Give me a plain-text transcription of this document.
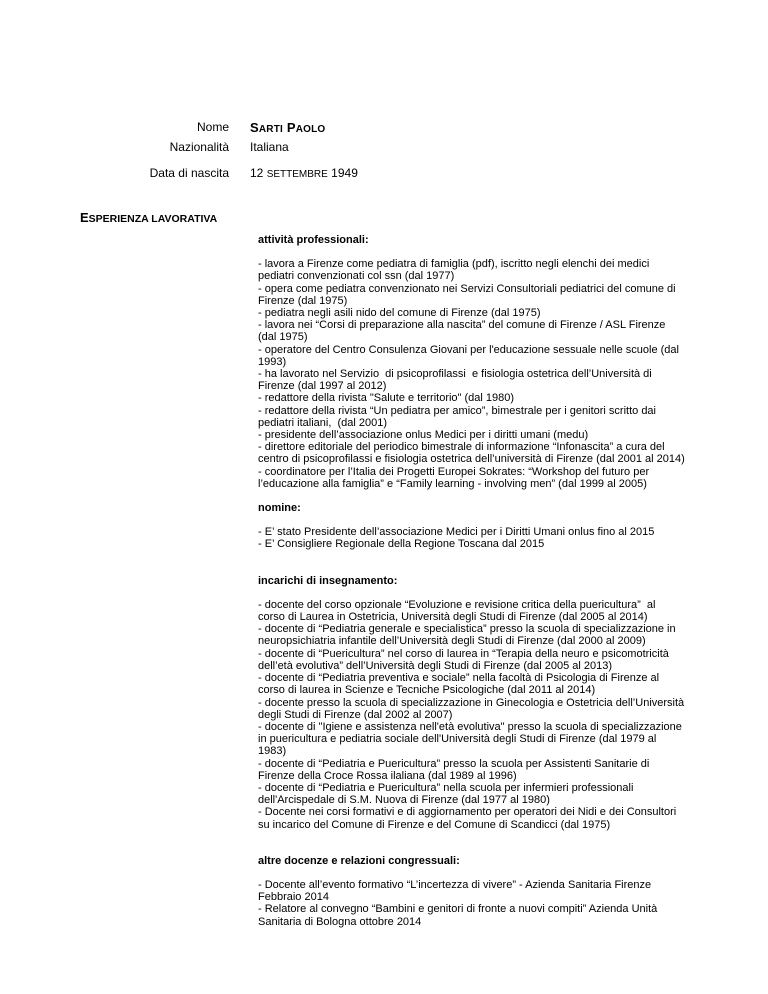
Nome SARTI PAOLO
Nazionalità Italiana
Data di nascita 12 SETTEMBRE 1949
ESPERIENZA LAVORATIVA

attività professionali:

- lavora a Firenze come pediatra di famiglia (pdf), iscritto negli elenchi dei medici

pediatri convenzionati col ssn (dal 1977)

- opera come pediatra convenzionato nei Servizi Consultoriali pediatrici del comune di

Firenze (dal 1975)

- pediatra negli asili nido del comune di Firenze (dal 1975)

- lavora nei “Corsi di preparazione alla nascita” del comune di Firenze / ASL Firenze

(dal 1975)

- operatore del Centro Consulenza Giovani per l'educazione sessuale nelle scuole (dal

1993)

- ha lavorato nel Servizio  di psicoprofilassi  e fisiologia ostetrica dell’Università di

Firenze (dal 1997 al 2012)

- redattore della rivista "Salute e territorio" (dal 1980)

- redattore della rivista “Un pediatra per amico”, bimestrale per i genitori scritto dai

pediatri italiani,  (dal 2001)

- presidente dell’associazione onlus Medici per i diritti umani (medu)

- direttore editoriale del periodico bimestrale di informazione “Infonascita” a cura del

centro di psicoprofilassi e fisiologia ostetrica dell’università di Firenze (dal 2001 al 2014)

- coordinatore per l’Italia dei Progetti Europei Sokrates: “Workshop del futuro per

l’educazione alla famiglia” e “Family learning - involving men” (dal 1999 al 2005)

nomine:

- E’ stato Presidente dell’associazione Medici per i Diritti Umani onlus fino al 2015

- E’ Consigliere Regionale della Regione Toscana dal 2015

incarichi di insegnamento:

- docente del corso opzionale “Evoluzione e revisione critica della puericultura”  al

corso di Laurea in Ostetricia, Università degli Studi di Firenze (dal 2005 al 2014)

- docente di “Pediatria generale e specialistica” presso la scuola di specializzazione in

neuropsichiatria infantile dell’Università degli Studi di Firenze (dal 2000 al 2009)

- docente di “Puericultura” nel corso di laurea in “Terapia della neuro e psicomotricità

dell’età evolutiva” dell’Università degli Studi di Firenze (dal 2005 al 2013)

- docente di “Pediatria preventiva e sociale” nella facoltà di Psicologia di Firenze al

corso di laurea in Scienze e Tecniche Psicologiche (dal 2011 al 2014)

- docente presso la scuola di specializzazione in Ginecologia e Ostetricia dell’Università

degli Studi di Firenze (dal 2002 al 2007)

- docente di "Igiene e assistenza nell'età evolutiva" presso la scuola di specializzazione

in puericultura e pediatria sociale dell'Università degli Studi di Firenze (dal 1979 al

1983)

- docente di “Pediatria e Puericultura” presso la scuola per Assistenti Sanitarie di

Firenze della Croce Rossa ilaliana (dal 1989 al 1996)

- docente di “Pediatria e Puericultura” nella scuola per infermieri professionali

dell'Arcispedale di S.M. Nuova di Firenze (dal 1977 al 1980)

- Docente nei corsi formativi e di aggiornamento per operatori dei Nidi e dei Consultori

su incarico del Comune di Firenze e del Comune di Scandicci (dal 1975)

altre docenze e relazioni congressuali:

- Docente all’evento formativo “L’incertezza di vivere” - Azienda Sanitaria Firenze

Febbraio 2014

- Relatore al convegno “Bambini e genitori di fronte a nuovi compiti” Azienda Unità

Sanitaria di Bologna ottobre 2014
